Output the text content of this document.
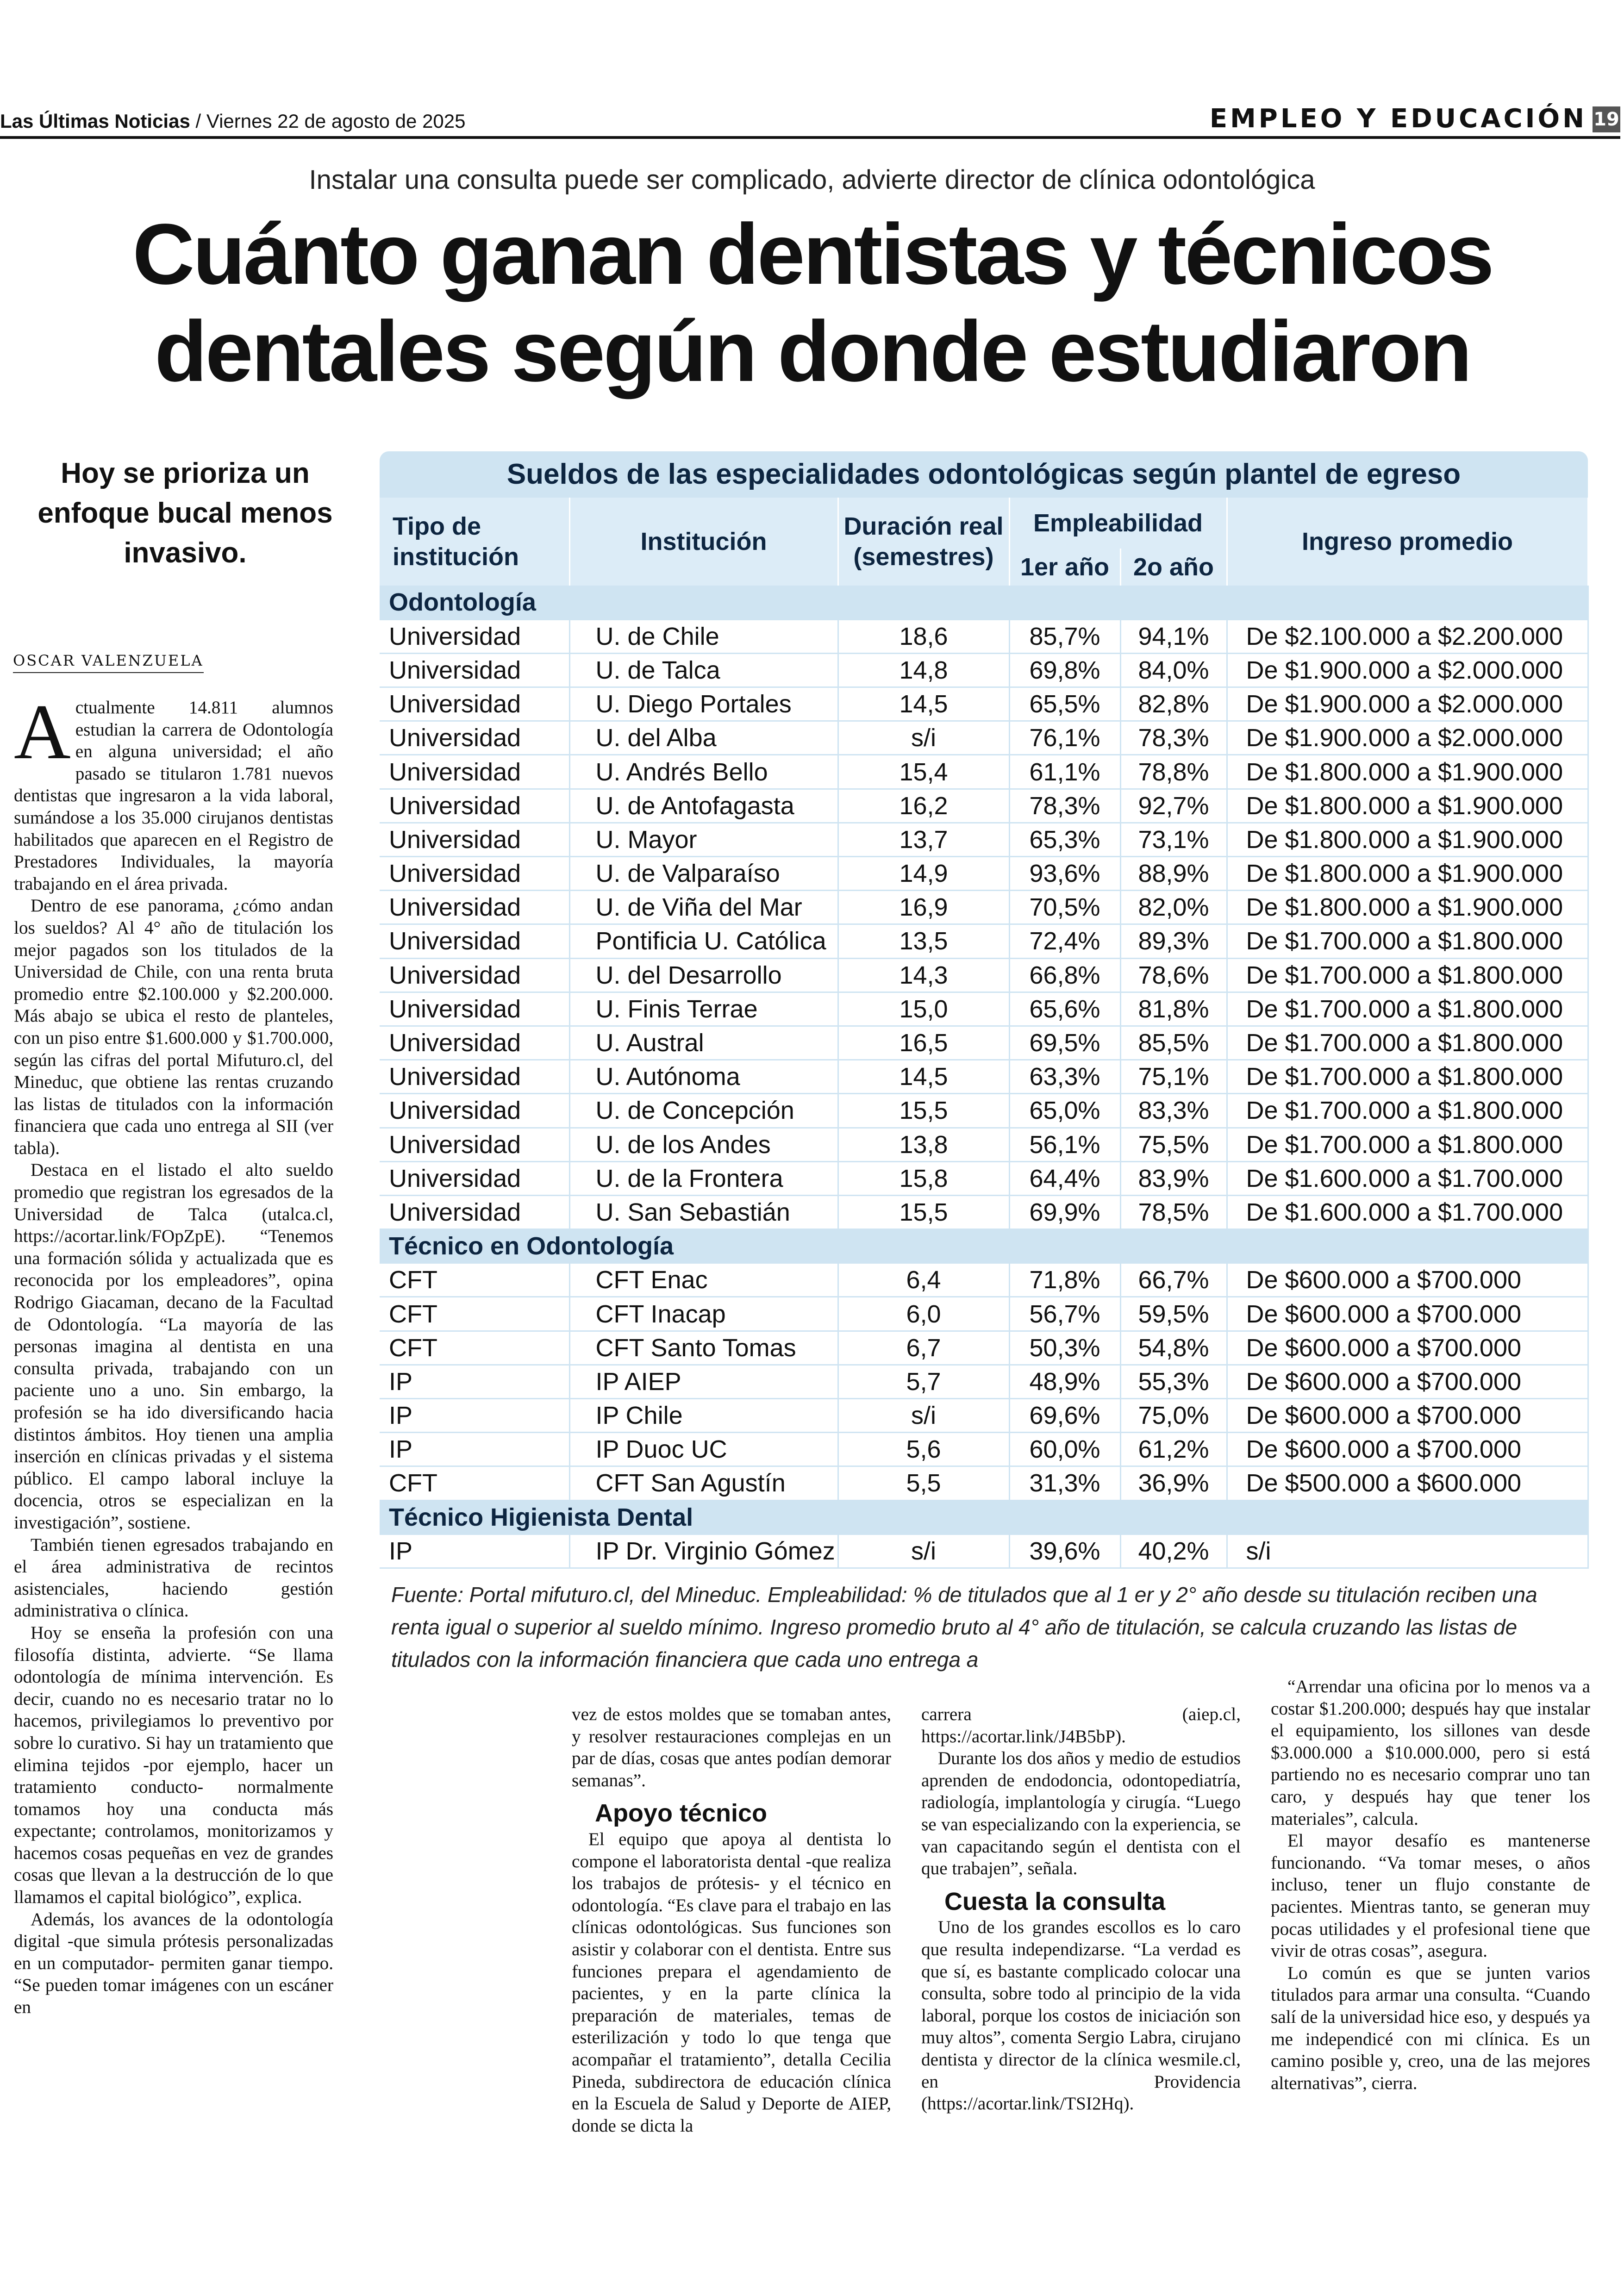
Las Últimas Noticias / Viernes 22 de agosto de 2025	EMPLEO Y EDUCACIÓN 19
Instalar una consulta puede ser complicado, advierte director de clínica odontológica
Cuánto ganan dentistas y técnicos dentales según donde estudiaron
Hoy se prioriza un enfoque bucal menos invasivo.
OSCAR VALENZUELA

Actualmente 14.811 alumnos estudian la carrera de Odontología en alguna universidad; el año pasado se titularon 1.781 nuevos dentistas que ingresaron a la vida laboral, sumándose a los 35.000 cirujanos dentistas habilitados que aparecen en el Registro de Prestadores Individuales, la mayoría trabajando en el área privada.

Dentro de ese panorama, ¿cómo andan los sueldos? Al 4° año de titulación los mejor pagados son los titulados de la Universidad de Chile, con una renta bruta promedio entre $2.100.000 y $2.200.000. Más abajo se ubica el resto de planteles, con un piso entre $1.600.000 y $1.700.000, según las cifras del portal Mifuturo.cl, del Mineduc, que obtiene las rentas cruzando las listas de titulados con la información financiera que cada uno entrega al SII (ver tabla).

Destaca en el listado el alto sueldo promedio que registran los egresados de la Universidad de Talca (utalca.cl, https://acortar.link/FOpZpE). “Tenemos una formación sólida y actualizada que es reconocida por los empleadores”, opina Rodrigo Giacaman, decano de la Facultad de Odontología. “La mayoría de las personas imagina al dentista en una consulta privada, trabajando con un paciente uno a uno. Sin embargo, la profesión se ha ido diversificando hacia distintos ámbitos. Hoy tienen una amplia inserción en clínicas privadas y el sistema público. El campo laboral incluye la docencia, otros se especializan en la investigación”, sostiene.

También tienen egresados trabajando en el área administrativa de recintos asistenciales, haciendo gestión administrativa o clínica.

Hoy se enseña la profesión con una filosofía distinta, advierte. “Se llama odontología de mínima intervención. Es decir, cuando no es necesario tratar no lo hacemos, privilegiamos lo preventivo por sobre lo curativo. Si hay un tratamiento que elimina tejidos -por ejemplo, hacer un tratamiento conducto- normalmente tomamos hoy una conducta más expectante; controlamos, monitorizamos y hacemos cosas pequeñas en vez de grandes cosas que llevan a la destrucción de lo que llamamos el capital biológico”, explica.

Además, los avances de la odontología digital -que simula prótesis personalizadas en un computador- permiten ganar tiempo. “Se pueden tomar imágenes con un escáner en

Sueldos de las especialidades odontológicas según plantel de egreso
Tipo de institución	Institución	Duración real (semestres)	Empleabilidad		Ingreso promedio
			1er año	2o año	
Odontología					
Universidad	U. de Chile	18,6	85,7%	94,1%	De $2.100.000 a $2.200.000
Universidad	U. de Talca	14,8	69,8%	84,0%	De $1.900.000 a $2.000.000
Universidad	U. Diego Portales	14,5	65,5%	82,8%	De $1.900.000 a $2.000.000
Universidad	U. del Alba	s/i	76,1%	78,3%	De $1.900.000 a $2.000.000
Universidad	U. Andrés Bello	15,4	61,1%	78,8%	De $1.800.000 a $1.900.000
Universidad	U. de Antofagasta	16,2	78,3%	92,7%	De $1.800.000 a $1.900.000
Universidad	U. Mayor	13,7	65,3%	73,1%	De $1.800.000 a $1.900.000
Universidad	U. de Valparaíso	14,9	93,6%	88,9%	De $1.800.000 a $1.900.000
Universidad	U. de Viña del Mar	16,9	70,5%	82,0%	De $1.800.000 a $1.900.000
Universidad	Pontificia U. Católica	13,5	72,4%	89,3%	De $1.700.000 a $1.800.000
Universidad	U. del Desarrollo	14,3	66,8%	78,6%	De $1.700.000 a $1.800.000
Universidad	U. Finis Terrae	15,0	65,6%	81,8%	De $1.700.000 a $1.800.000
Universidad	U. Austral	16,5	69,5%	85,5%	De $1.700.000 a $1.800.000
Universidad	U. Autónoma	14,5	63,3%	75,1%	De $1.700.000 a $1.800.000
Universidad	U. de Concepción	15,5	65,0%	83,3%	De $1.700.000 a $1.800.000
Universidad	U. de los Andes	13,8	56,1%	75,5%	De $1.700.000 a $1.800.000
Universidad	U. de la Frontera	15,8	64,4%	83,9%	De $1.600.000 a $1.700.000
Universidad	U. San Sebastián	15,5	69,9%	78,5%	De $1.600.000 a $1.700.000
Técnico en Odontología					
CFT	CFT Enac	6,4	71,8%	66,7%	De $600.000 a $700.000
CFT	CFT Inacap	6,0	56,7%	59,5%	De $600.000 a $700.000
CFT	CFT Santo Tomas	6,7	50,3%	54,8%	De $600.000 a $700.000
IP	IP AIEP	5,7	48,9%	55,3%	De $600.000 a $700.000
IP	IP Chile	s/i	69,6%	75,0%	De $600.000 a $700.000
IP	IP Duoc UC	5,6	60,0%	61,2%	De $600.000 a $700.000
CFT	CFT San Agustín	5,5	31,3%	36,9%	De $500.000 a $600.000
Técnico Higienista Dental					
IP	IP Dr. Virginio Gómez	s/i	39,6%	40,2%	s/i
Fuente: Portal mifuturo.cl, del Mineduc. Empleabilidad: % de titulados que al 1 er y 2° año desde su titulación reciben una renta igual o superior al sueldo mínimo. Ingreso promedio bruto al 4° año de titulación, se calcula cruzando las listas de titulados con la información financiera que cada uno entrega a

vez de estos moldes que se tomaban antes, y resolver restauraciones complejas en un par de días, cosas que antes podían demorar semanas”.

Apoyo técnico

El equipo que apoya al dentista lo compone el laboratorista dental -que realiza los trabajos de prótesis- y el técnico en odontología. “Es clave para el trabajo en las clínicas odontológicas. Sus funciones son asistir y colaborar con el dentista. Entre sus funciones prepara el agendamiento de pacientes, y en la parte clínica la preparación de materiales, temas de esterilización y todo lo que tenga que acompañar el tratamiento”, detalla Cecilia Pineda, subdirectora de educación clínica en la Escuela de Salud y Deporte de AIEP, donde se dicta la

carrera (aiep.cl, https://acortar.link/J4B5bP).

Durante los dos años y medio de estudios aprenden de endodoncia, odontopediatría, radiología, implantología y cirugía. “Luego se van especializando con la experiencia, se van capacitando según el dentista con el que trabajen”, señala.

Cuesta la consulta

Uno de los grandes escollos es lo caro que resulta independizarse. “La verdad es que sí, es bastante complicado colocar una consulta, sobre todo al principio de la vida laboral, porque los costos de iniciación son muy altos”, comenta Sergio Labra, cirujano dentista y director de la clínica wesmile.cl, en Providencia (https://acortar.link/TSI2Hq).

“Arrendar una oficina por lo menos va a costar $1.200.000; después hay que instalar el equipamiento, los sillones van desde $3.000.000 a $10.000.000, pero si está partiendo no es necesario comprar uno tan caro, y después hay que tener los materiales”, calcula.

El mayor desafío es mantenerse funcionando. “Va tomar meses, o años incluso, tener un flujo constante de pacientes. Mientras tanto, se generan muy pocas utilidades y el profesional tiene que vivir de otras cosas”, asegura.

Lo común es que se junten varios titulados para armar una consulta. “Cuando salí de la universidad hice eso, y después ya me independicé con mi clínica. Es un camino posible y, creo, una de las mejores alternativas”, cierra.
